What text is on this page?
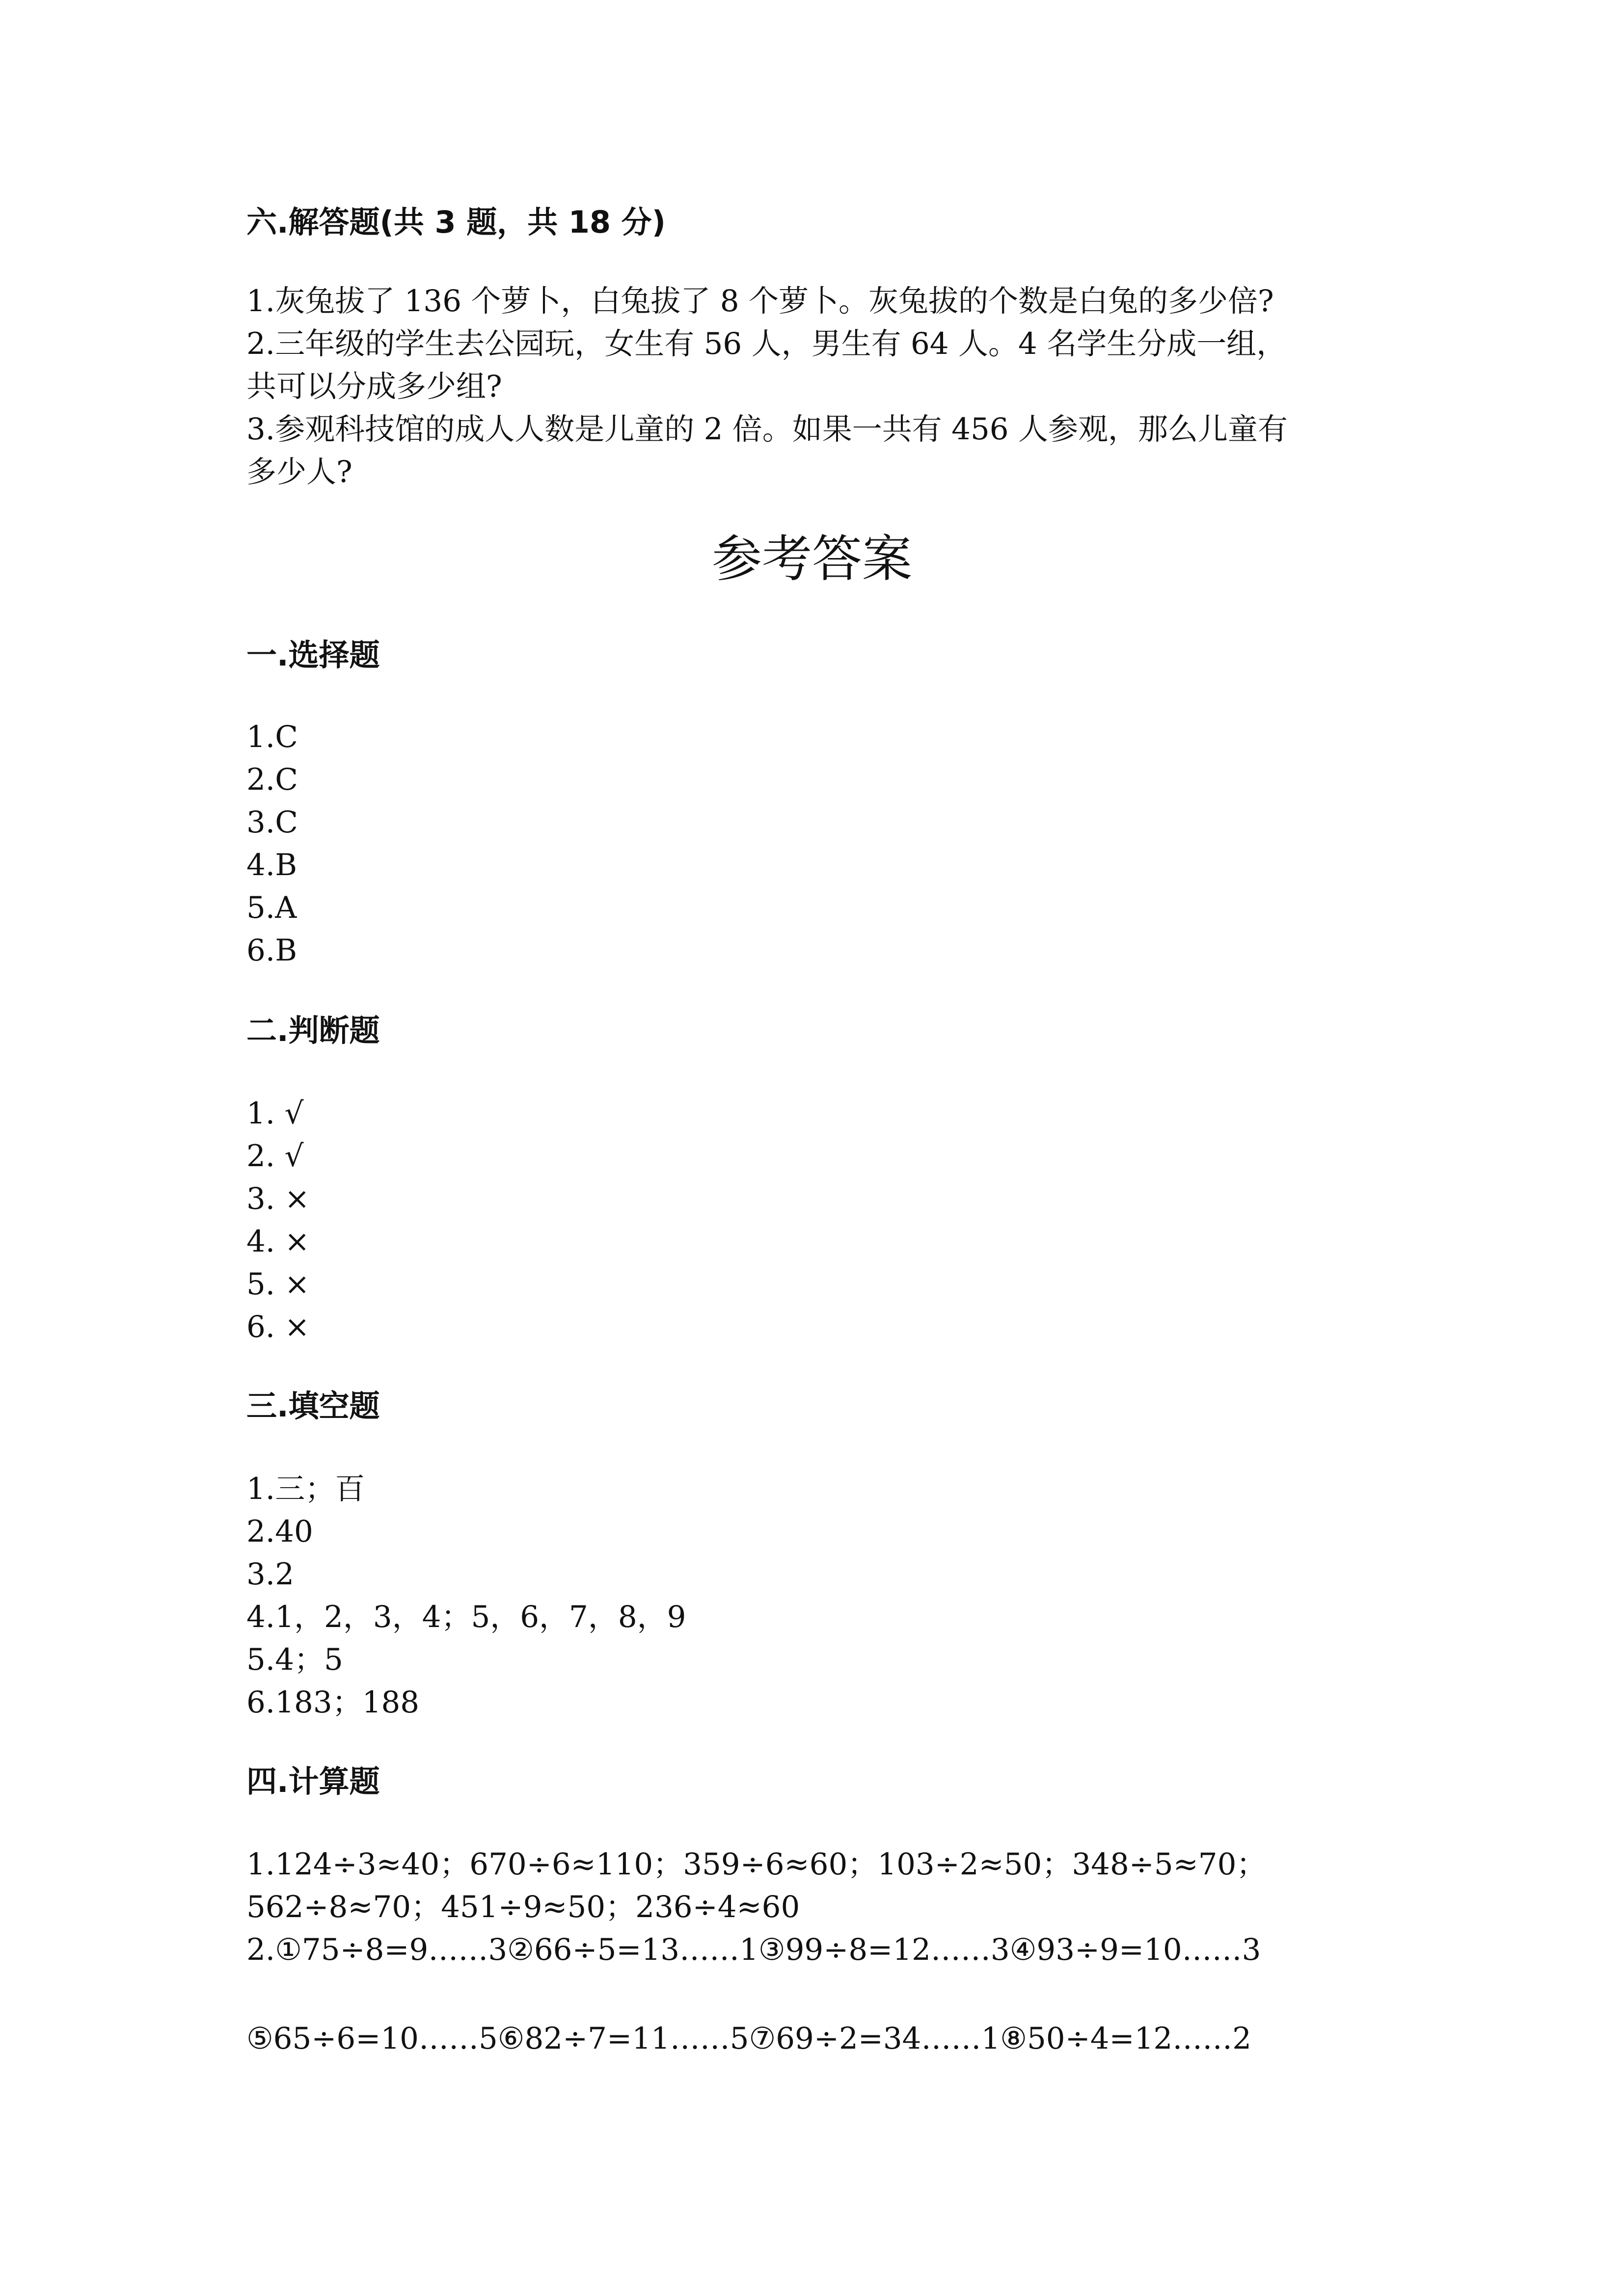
六.解答题(共 3 题，共 18 分)
1.灰兔拔了 136 个萝卜，白兔拔了 8 个萝卜。灰兔拔的个数是白兔的多少倍?
2.三年级的学生去公园玩，女生有 56 人，男生有 64 人。4 名学生分成一组，
共可以分成多少组?
3.参观科技馆的成人人数是儿童的 2 倍。如果一共有 456 人参观，那么儿童有
多少人?
参考答案
一.选择题
1.C
2.C
3.C
4.B
5.A
6.B
二.判断题
1. √
2. √
3. ×
4. ×
5. ×
6. ×
三.填空题
1.三；百
2.40
3.2
4.1，2，3，4；5，6，7，8，9
5.4；5
6.183；188
四.计算题
1.124÷3≈40；670÷6≈110；359÷6≈60；103÷2≈50；348÷5≈70；
562÷8≈70；451÷9≈50；236÷4≈60
2.①75÷8=9……3②66÷5=13……1③99÷8=12……3④93÷9=10……3
⑤65÷6=10……5⑥82÷7=11……5⑦69÷2=34……1⑧50÷4=12……2
